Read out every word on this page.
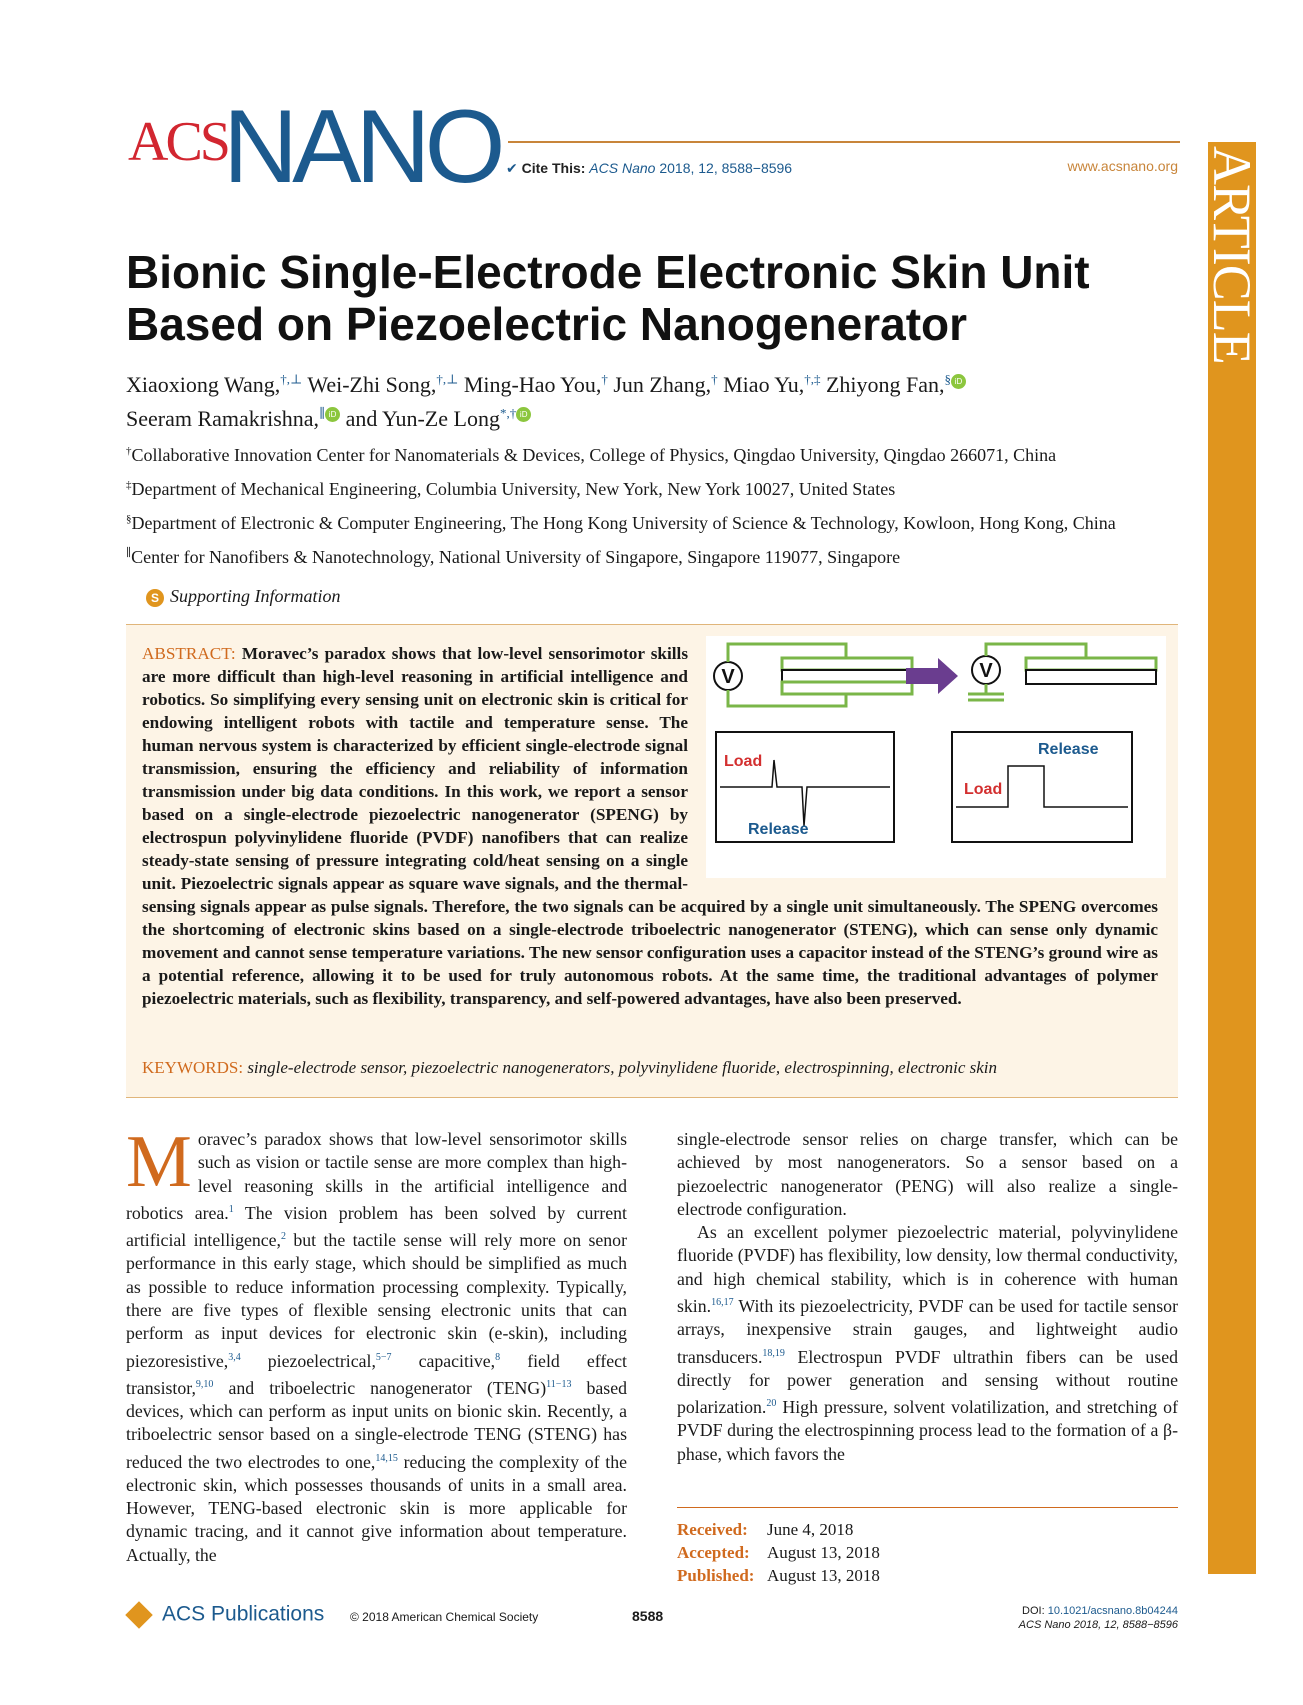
ACS
NANO ✔ Cite This: ACS Nano 2018, 12, 8588−8596	www.acsnano.org ARTICLE
Bionic Single-Electrode Electronic Skin Unit Based on Piezoelectric Nanogenerator
Xiaoxiong Wang,†,⊥ Wei-Zhi Song,†,⊥ Ming-Hao You,† Jun Zhang,† Miao Yu,†,‡ Zhiyong Fan,§ iD
Seeram Ramakrishna,∥ iD and Yun-Ze Long*,† iD

†Collaborative Innovation Center for Nanomaterials & Devices, College of Physics, Qingdao University, Qingdao 266071, China

‡Department of Mechanical Engineering, Columbia University, New York, New York 10027, United States

§Department of Electronic & Computer Engineering, The Hong Kong University of Science & Technology, Kowloon, Hong Kong, China

∥Center for Nanofibers & Nanotechnology, National University of Singapore, Singapore 119077, Singapore

S Supporting Information
V	V
Load
Release
Load
Release
ABSTRACT: Moravec’s paradox shows that low-level sensorimotor skills are more difficult than high-level reasoning in artificial intelligence and robotics. So simplifying every sensing unit on electronic skin is critical for endowing intelligent robots with tactile and temperature sense. The human nervous system is characterized by efficient single-electrode signal transmission, ensuring the efficiency and reliability of information transmission under big data conditions. In this work, we report a sensor based on a single-electrode piezoelectric nanogenerator (SPENG) by electrospun polyvinylidene fluoride (PVDF) nanofibers that can realize steady-state sensing of pressure integrating cold/heat sensing on a single unit. Piezoelectric signals appear as square wave signals, and the thermal-sensing signals appear as pulse signals. Therefore, the two signals can be acquired by a single unit simultaneously. The SPENG overcomes the shortcoming of electronic skins based on a single-electrode triboelectric nanogenerator (STENG), which can sense only dynamic movement and cannot sense temperature variations. The new sensor configuration uses a capacitor instead of the STENG’s ground wire as a potential reference, allowing it to be used for truly autonomous robots. At the same time, the traditional advantages of polymer piezoelectric materials, such as flexibility, transparency, and self-powered advantages, have also been preserved.
KEYWORDS: single-electrode sensor, piezoelectric nanogenerators, polyvinylidene fluoride, electrospinning, electronic skin

Moravec’s paradox shows that low-level sensorimotor skills such as vision or tactile sense are more complex than high-level reasoning skills in the artificial intelligence and robotics area.$^1$ The vision problem has been solved by current artificial intelligence,$^2$ but the tactile sense will rely more on senor performance in this early stage, which should be simplified as much as possible to reduce information processing complexity. Typically, there are five types of flexible sensing electronic units that can perform as input devices for electronic skin (e-skin), including piezoresistive,$^{3,4}$ piezoelectrical,$^{5-7}$ capacitive,$^8$ field effect transistor,$^{9,10}$ and triboelectric nanogenerator (TENG)$^{11-13}$ based devices, which can perform as input units on bionic skin. Recently, a triboelectric sensor based on a single-electrode TENG (STENG) has reduced the two electrodes to one,$^{14,15}$ reducing the complexity of the electronic skin, which possesses thousands of units in a small area. However, TENG-based electronic skin is more applicable for dynamic tracing, and it cannot give information about temperature. Actually, the

single-electrode sensor relies on charge transfer, which can be achieved by most nanogenerators. So a sensor based on a piezoelectric nanogenerator (PENG) will also realize a single-electrode configuration.

As an excellent polymer piezoelectric material, polyvinylidene fluoride (PVDF) has flexibility, low density, low thermal conductivity, and high chemical stability, which is in coherence with human skin.$^{16,17}$ With its piezoelectricity, PVDF can be used for tactile sensor arrays, inexpensive strain gauges, and lightweight audio transducers.$^{18,19}$ Electrospun PVDF ultrathin fibers can be used directly for power generation and sensing without routine polarization.$^{20}$ High pressure, solvent volatilization, and stretching of PVDF during the electrospinning process lead to the formation of a β-phase, which favors the

Received: June 4, 2018
Accepted: August 13, 2018
Published: August 13, 2018
ACS Publications © 2018 American Chemical Society	8588	DOI: 10.1021/acsnano.8b04244
ACS Nano 2018, 12, 8588−8596
